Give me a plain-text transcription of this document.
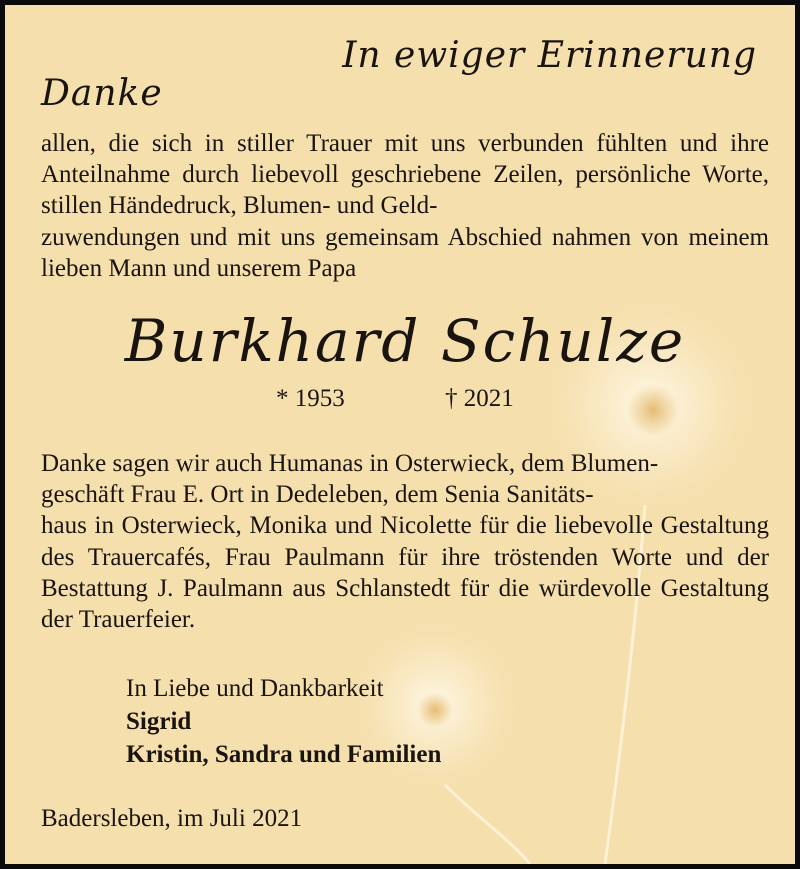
In ewiger Erinnerung
Danke

allen, die sich in stiller Trauer mit uns verbunden fühlten und ihre Anteilnahme durch liebevoll geschriebene Zeilen, persönliche Worte, stillen Händedruck, Blumen- und Geld-
zuwendungen und mit uns gemeinsam Abschied nahmen von meinem lieben Mann und unserem Papa

Burkhard Schulze
* 1953	† 2021

Danke sagen wir auch Humanas in Osterwieck, dem Blumen-
geschäft Frau E. Ort in Dedeleben, dem Senia Sanitäts-
haus in Osterwieck, Monika und Nicolette für die liebevolle Gestaltung des Trauercafés, Frau Paulmann für ihre tröstenden Worte und der Bestattung J. Paulmann aus Schlanstedt für die würdevolle Gestaltung der Trauerfeier.

In Liebe und Dankbarkeit
Sigrid
Kristin, Sandra und Familien
Badersleben, im Juli 2021
